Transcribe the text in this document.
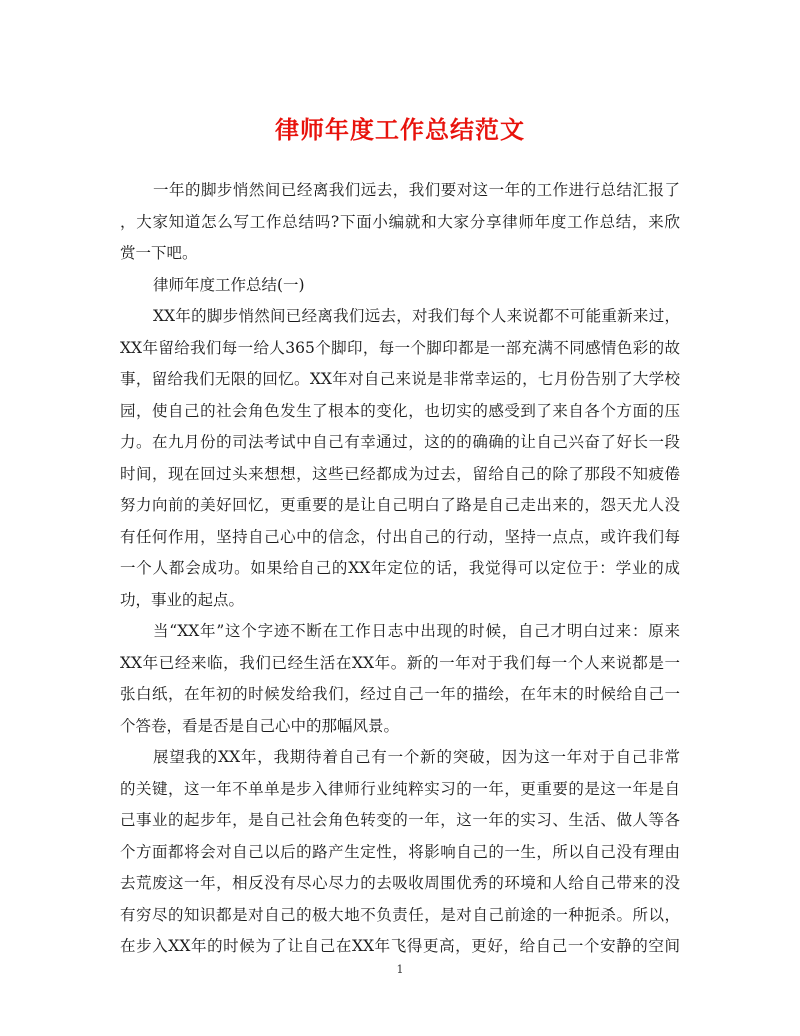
律师年度工作总结范文
一年的脚步悄然间已经离我们远去，我们要对这一年的工作进行总结汇报了
，大家知道怎么写工作总结吗?下面小编就和大家分享律师年度工作总结，来欣
赏一下吧。
律师年度工作总结(一)
XX年的脚步悄然间已经离我们远去，对我们每个人来说都不可能重新来过，
XX年留给我们每一给人365个脚印，每一个脚印都是一部充满不同感情色彩的故
事，留给我们无限的回忆。XX年对自己来说是非常幸运的，七月份告别了大学校
园，使自己的社会角色发生了根本的变化，也切实的感受到了来自各个方面的压
力。在九月份的司法考试中自己有幸通过，这的的确确的让自己兴奋了好长一段
时间，现在回过头来想想，这些已经都成为过去，留给自己的除了那段不知疲倦
努力向前的美好回忆，更重要的是让自己明白了路是自己走出来的，怨天尤人没
有任何作用，坚持自己心中的信念，付出自己的行动，坚持一点点，或许我们每
一个人都会成功。如果给自己的XX年定位的话，我觉得可以定位于：学业的成
功，事业的起点。
当“XX年”这个字迹不断在工作日志中出现的时候，自己才明白过来：原来
XX年已经来临，我们已经生活在XX年。新的一年对于我们每一个人来说都是一
张白纸，在年初的时候发给我们，经过自己一年的描绘，在年末的时候给自己一
个答卷，看是否是自己心中的那幅风景。
展望我的XX年，我期待着自己有一个新的突破，因为这一年对于自己非常
的关键，这一年不单单是步入律师行业纯粹实习的一年，更重要的是这一年是自
己事业的起步年，是自己社会角色转变的一年，这一年的实习、生活、做人等各
个方面都将会对自己以后的路产生定性，将影响自己的一生，所以自己没有理由
去荒废这一年，相反没有尽心尽力的去吸收周围优秀的环境和人给自己带来的没
有穷尽的知识都是对自己的极大地不负责任，是对自己前途的一种扼杀。所以，
在步入XX年的时候为了让自己在XX年飞得更高，更好，给自己一个安静的空间
1
